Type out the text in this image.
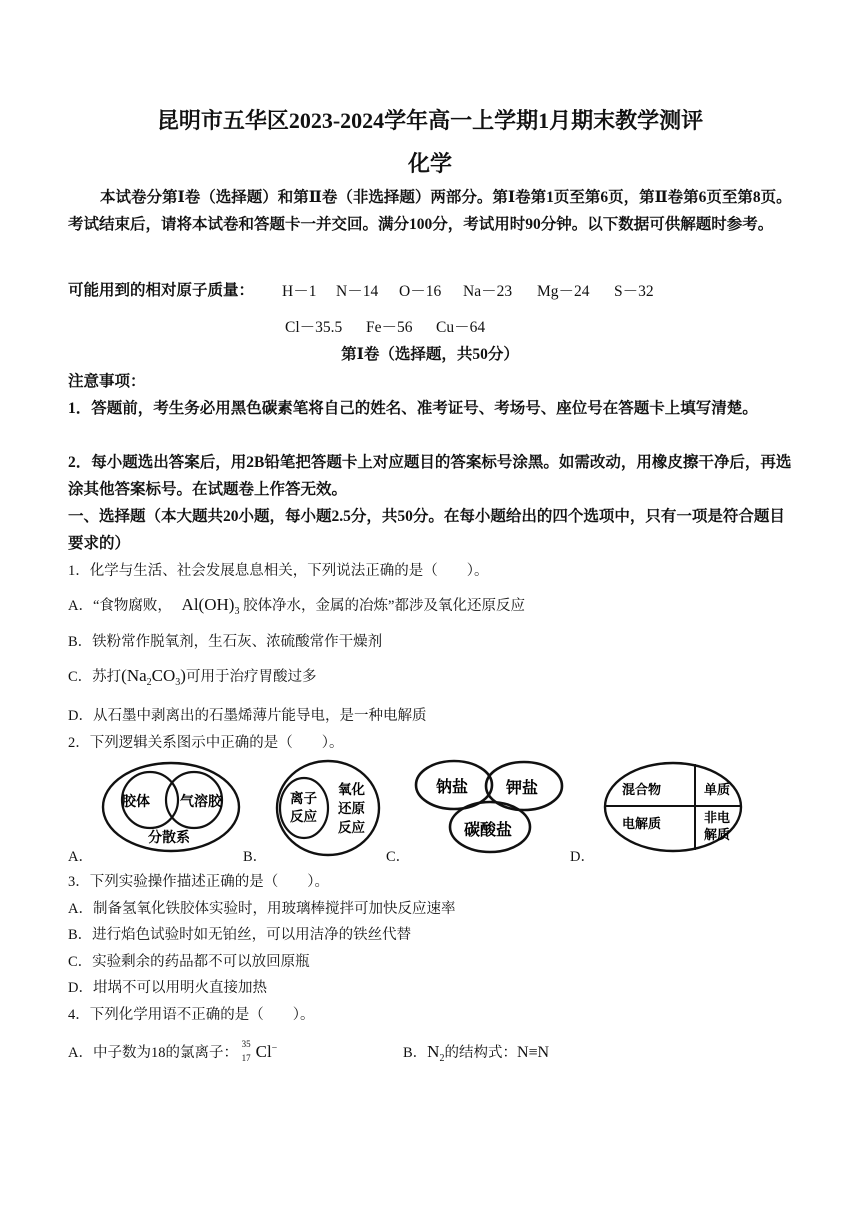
昆明市五华区2023-2024学年高一上学期1月期末教学测评
化学
本试卷分第Ⅰ卷（选择题）和第Ⅱ卷（非选择题）两部分。第Ⅰ卷第1页至第6页，第Ⅱ卷第6页至第8页。考试结束后，请将本试卷和答题卡一并交回。满分100分，考试用时90分钟。以下数据可供解题时参考。
可能用到的相对原子质量： H－1 N－14 O－16 Na－23 Mg－24 S－32
Cl－35.5 Fe－56 Cu－64
第Ⅰ卷（选择题，共50分）
注意事项：
1．答题前，考生务必用黑色碳素笔将自己的姓名、准考证号、考场号、座位号在答题卡上填写清楚。
2．每小题选出答案后，用2B铅笔把答题卡上对应题目的答案标号涂黑。如需改动，用橡皮擦干净后，再选涂其他答案标号。在试题卷上作答无效。
一、选择题（本大题共20小题，每小题2.5分，共50分。在每小题给出的四个选项中，只有一项是符合题目要求的）
1．化学与生活、社会发展息息相关，下列说法正确的是（　　）。
A．“食物腐败， $Al(OH)_3$ 胶体净水，金属的冶炼”都涉及氧化还原反应
B．铁粉常作脱氧剂，生石灰、浓硫酸常作干燥剂
C．苏打$(Na_2CO_3)$可用于治疗胃酸过多
D．从石墨中剥离出的石墨烯薄片能导电，是一种电解质
2．下列逻辑关系图示中正确的是（　　）。
A．	B．	C．	D．
胶体 气溶胶
分散系
离子
反应
氧化
还原
反应
钠盐 钾盐
碳酸盐
混合物	单质
电解质	非电
解质
3．下列实验操作描述正确的是（　　）。
A．制备氢氧化铁胶体实验时，用玻璃棒搅拌可加快反应速率
B．进行焰色试验时如无铂丝，可以用洁净的铁丝代替
C．实验剩余的药品都不可以放回原瓶
D．坩埚不可以用明火直接加热
4．下列化学用语不正确的是（　　）。
A．中子数为18的氯离子：
35
17 Cl−	B．$N_2$的结构式：N≡N
